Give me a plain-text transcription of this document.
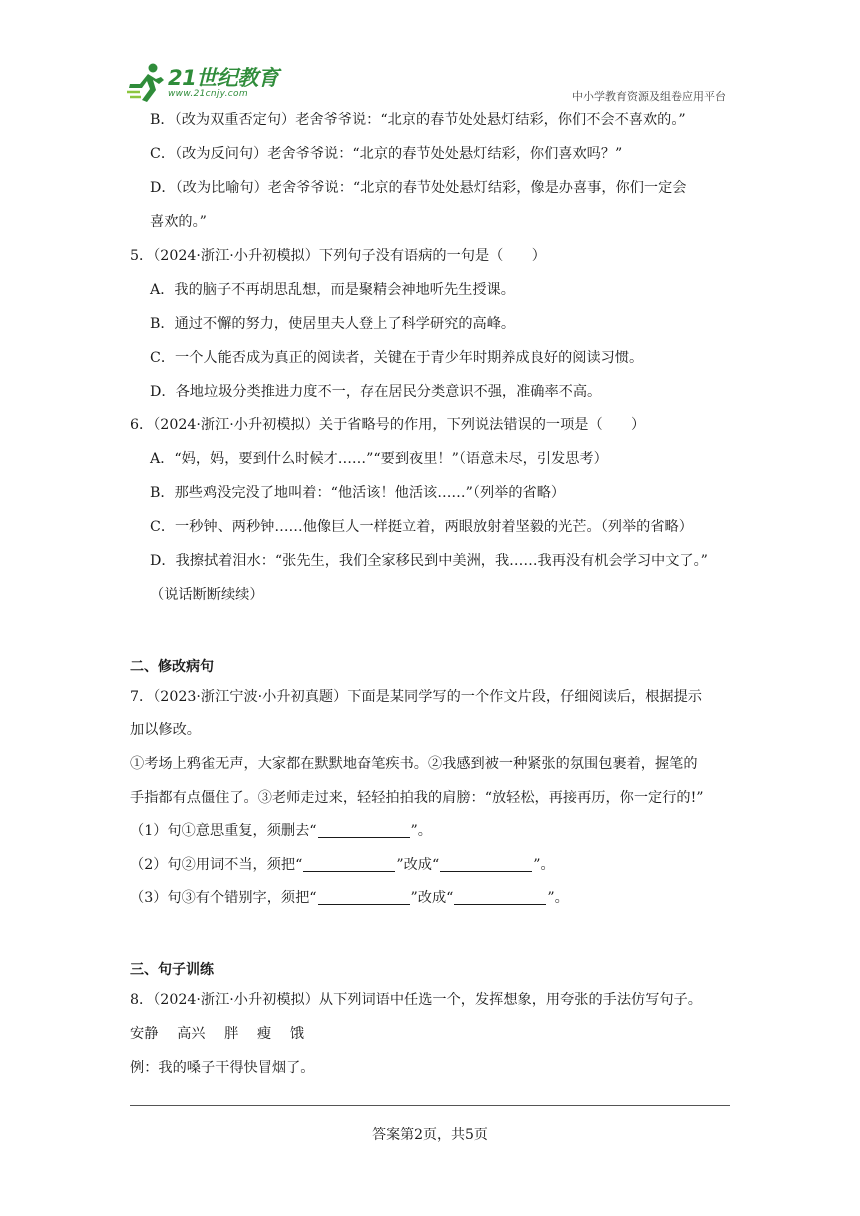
21世纪教育
www.21cnjy.com	中小学教育资源及组卷应用平台
B．（改为双重否定句）老舍爷爷说：“北京的春节处处悬灯结彩，你们不会不喜欢的。”
C．（改为反问句）老舍爷爷说：“北京的春节处处悬灯结彩，你们喜欢吗？”
D．（改为比喻句）老舍爷爷说：“北京的春节处处悬灯结彩，像是办喜事，你们一定会
喜欢的。”
5．（2024·浙江·小升初模拟）下列句子没有语病的一句是（　　）
A．我的脑子不再胡思乱想，而是聚精会神地听先生授课。
B．通过不懈的努力，使居里夫人登上了科学研究的高峰。
C．一个人能否成为真正的阅读者，关键在于青少年时期养成良好的阅读习惯。
D．各地垃圾分类推进力度不一，存在居民分类意识不强，准确率不高。
6．（2024·浙江·小升初模拟）关于省略号的作用，下列说法错误的一项是（　　）
A．“妈，妈，要到什么时候才……”“要到夜里！”（语意未尽，引发思考）
B．那些鸡没完没了地叫着：“他活该！他活该……”（列举的省略）
C．一秒钟、两秒钟……他像巨人一样挺立着，两眼放射着坚毅的光芒。（列举的省略）
D．我擦拭着泪水：“张先生，我们全家移民到中美洲，我……我再没有机会学习中文了。”
（说话断断续续）
二、修改病句
7．（2023·浙江宁波·小升初真题）下面是某同学写的一个作文片段，仔细阅读后，根据提示
加以修改。
①考场上鸦雀无声，大家都在默默地奋笔疾书。②我感到被一种紧张的氛围包裹着，握笔的
手指都有点僵住了。③老师走过来，轻轻拍拍我的肩膀：“放轻松，再接再历，你一定行的!”
（1）句①意思重复，须删去“	”。
（2）句②用词不当，须把“	”改成“	”。
（3）句③有个错别字，须把“	”改成“	”。
三、句子训练
8．（2024·浙江·小升初模拟）从下列词语中任选一个，发挥想象，用夸张的手法仿写句子。
安静　 高兴　 胖　 瘦　 饿
例：我的嗓子干得快冒烟了。
答案第2页，共5页
